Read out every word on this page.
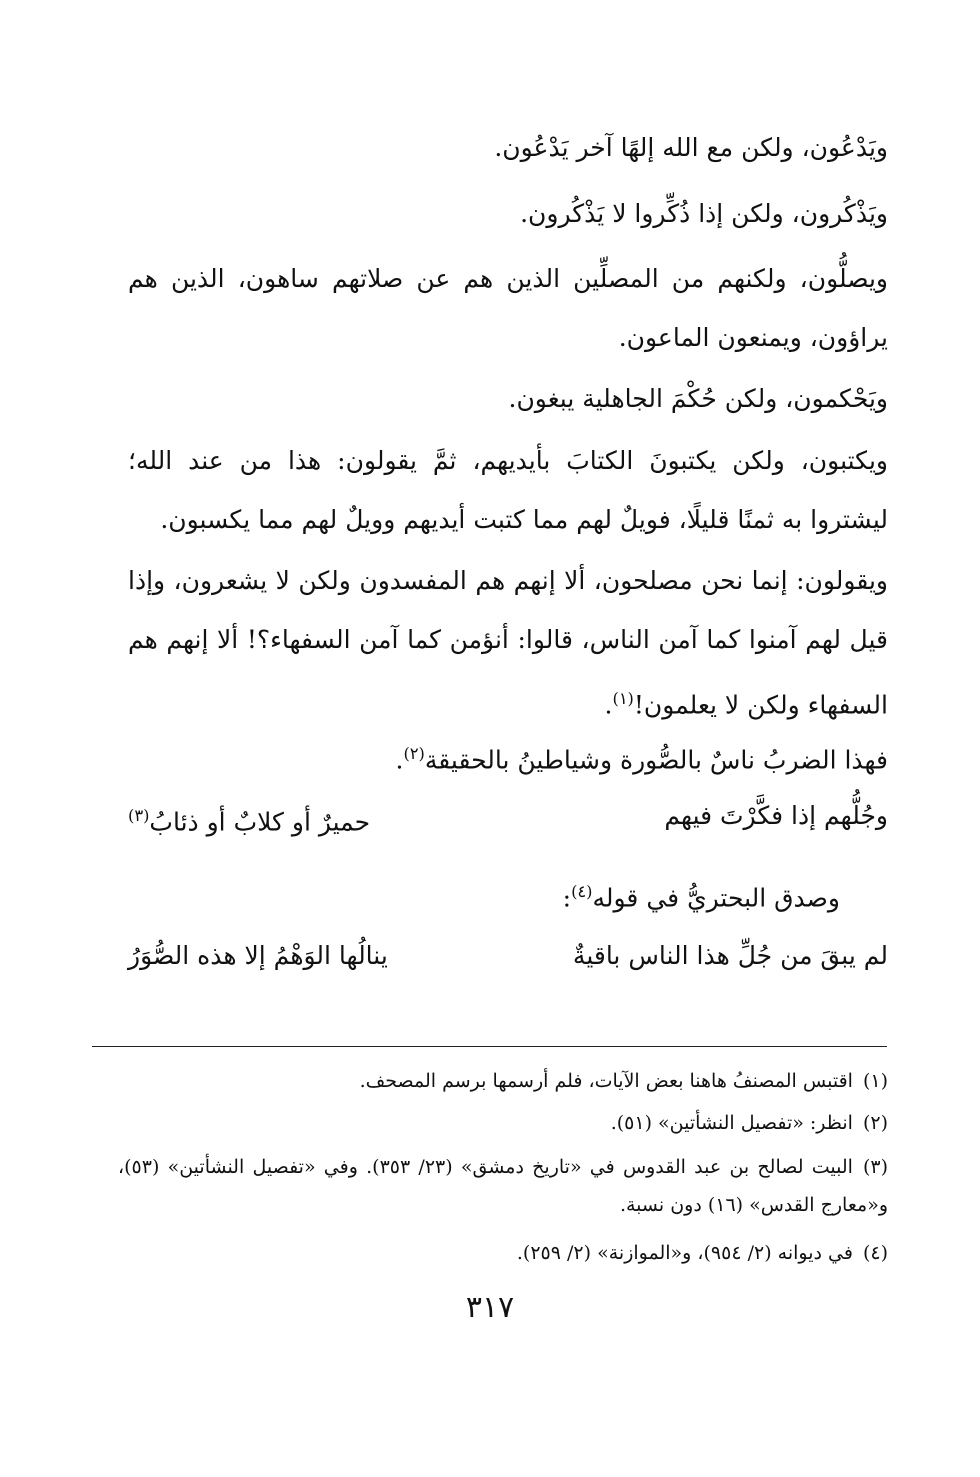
ويَدْعُون، ولكن مع الله إلهًا آخر يَدْعُون.

ويَذْكُرون، ولكن إذا ذُكِّروا لا يَذْكُرون.

ويصلُّون، ولكنهم من المصلِّين الذين هم عن صلاتهم ساهون، الذين هم يراؤون، ويمنعون الماعون.

ويَحْكمون، ولكن حُكْمَ الجاهلية يبغون.

ويكتبون، ولكن يكتبونَ الكتابَ بأيديهم، ثمَّ يقولون: هذا من عند الله؛ ليشتروا به ثمنًا قليلًا، فويلٌ لهم مما كتبت أيديهم وويلٌ لهم مما يكسبون.

ويقولون: إنما نحن مصلحون، ألا إنهم هم المفسدون ولكن لا يشعرون، وإذا قيل لهم آمنوا كما آمن الناس، قالوا: أنؤمن كما آمن السفهاء؟! ألا إنهم هم السفهاء ولكن لا يعلمون!$^{(١)}$.

فهذا الضربُ ناسٌ بالصُّورة وشياطينُ بالحقيقة$^{(٢)}$.

وجُلُّهم إذا فكَّرْتَ فيهم
حميرٌ أو كلابٌ أو ذئابُ$^{(٣)}$

وصدق البحتريُّ في قوله$^{(٤)}$:

لم يبقَ من جُلِّ هذا الناس باقيةٌ
ينالُها الوَهْمُ إلا هذه الصُّوَرُ

(١)اقتبس المصنفُ هاهنا بعض الآيات، فلم أرسمها برسم المصحف.

(٢)انظر: «تفصيل النشأتين» (٥١).

(٣)البيت لصالح بن عبد القدوس في «تاريخ دمشق» (٢٣/ ٣٥٣). وفي «تفصيل النشأتين» (٥٣)، و«معارج القدس» (١٦) دون نسبة.

(٤)في ديوانه (٢/ ٩٥٤)، و«الموازنة» (٢/ ٢٥٩).

٣١٧
